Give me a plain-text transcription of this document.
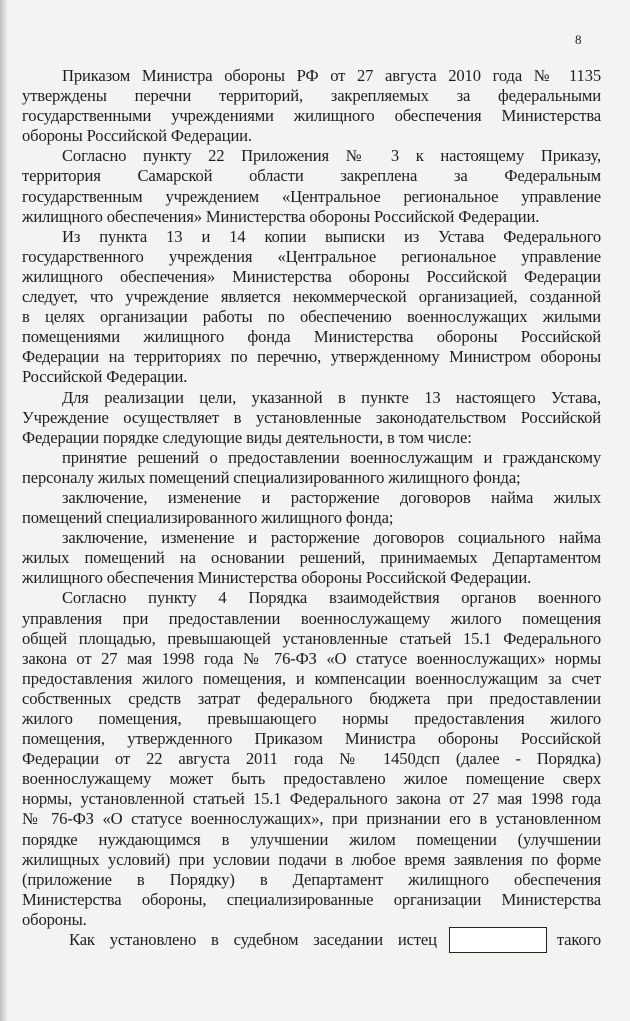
8
Приказом Министра обороны РФ от 27 августа 2010 года № 1135
утверждены перечни территорий, закрепляемых за федеральными
государственными учреждениями жилищного обеспечения Министерства
обороны Российской Федерации.
Согласно пункту 22 Приложения № 3 к настоящему Приказу,
территория Самарской области закреплена за Федеральным
государственным учреждением «Центральное региональное управление
жилищного обеспечения» Министерства обороны Российской Федерации.
Из пункта 13 и 14 копии выписки из Устава Федерального
государственного учреждения «Центральное региональное управление
жилищного обеспечения» Министерства обороны Российской Федерации
следует, что учреждение является некоммерческой организацией, созданной
в целях организации работы по обеспечению военнослужащих жилыми
помещениями жилищного фонда Министерства обороны Российской
Федерации на территориях по перечню, утвержденному Министром обороны
Российской Федерации.
Для реализации цели, указанной в пункте 13 настоящего Устава,
Учреждение осуществляет в установленные законодательством Российской
Федерации порядке следующие виды деятельности, в том числе:
принятие решений о предоставлении военнослужащим и гражданскому
персоналу жилых помещений специализированного жилищного фонда;
заключение, изменение и расторжение договоров найма жилых
помещений специализированного жилищного фонда;
заключение, изменение и расторжение договоров социального найма
жилых помещений на основании решений, принимаемых Департаментом
жилищного обеспечения Министерства обороны Российской Федерации.
Согласно пункту 4 Порядка взаимодействия органов военного
управления при предоставлении военнослужащему жилого помещения
общей площадью, превышающей установленные статьей 15.1 Федерального
закона от 27 мая 1998 года № 76-ФЗ «О статусе военнослужащих» нормы
предоставления жилого помещения, и компенсации военнослужащим за счет
собственных средств затрат федерального бюджета при предоставлении
жилого помещения, превышающего нормы предоставления жилого
помещения, утвержденного Приказом Министра обороны Российской
Федерации от 22 августа 2011 года № 1450дсп (далее - Порядка)
военнослужащему может быть предоставлено жилое помещение сверх
нормы, установленной статьей 15.1 Федерального закона от 27 мая 1998 года
№ 76-ФЗ «О статусе военнослужащих», при признании его в установленном
порядке нуждающимся в улучшении жилом помещении (улучшении
жилищных условий) при условии подачи в любое время заявления по форме
(приложение в Порядку) в Департамент жилищного обеспечения
Министерства обороны, специализированные организации Министерства
обороны.
Как установлено в судебном заседании истец	такого
